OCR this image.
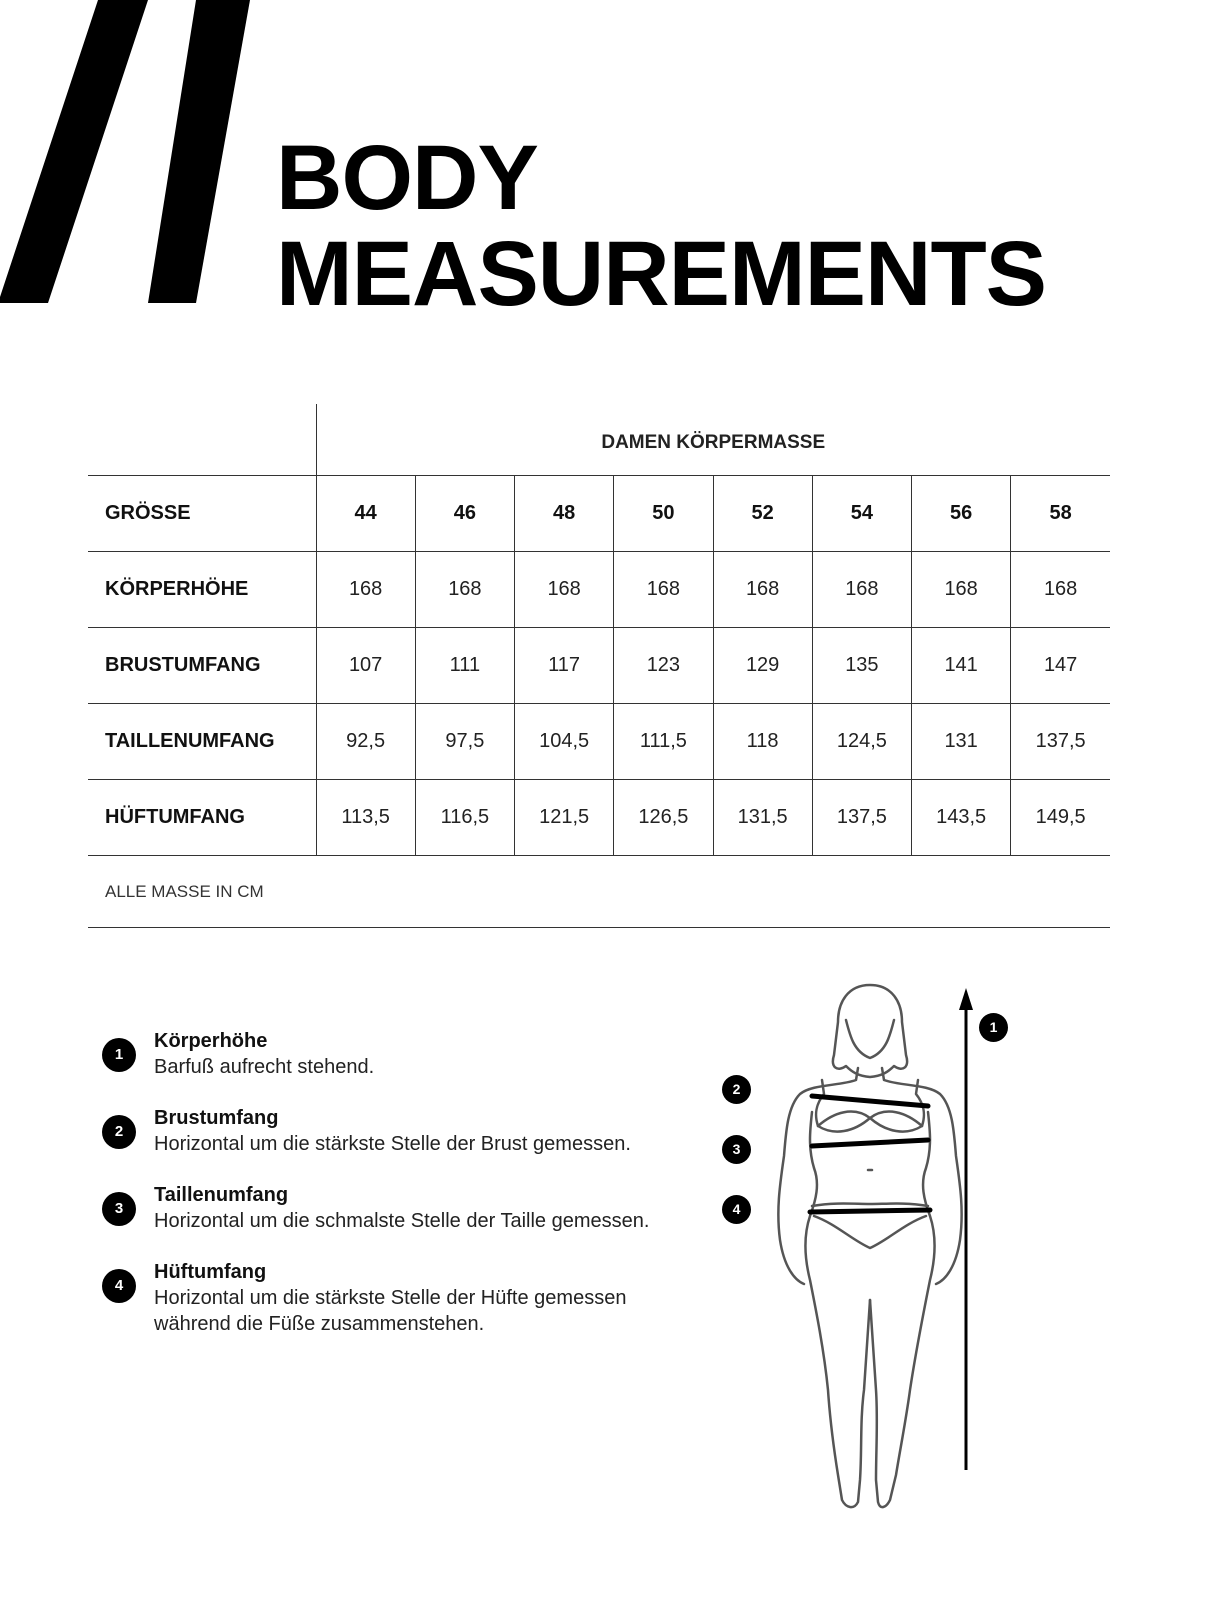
BODY
MEASUREMENTS
	DAMEN KÖRPERMASSE							
GRÖSSE	44	46	48	50	52	54	56	58
KÖRPERHÖHE	168	168	168	168	168	168	168	168
BRUSTUMFANG	107	111	117	123	129	135	141	147
TAILLENUMFANG	92,5	97,5	104,5	111,5	118	124,5	131	137,5
HÜFTUMFANG	113,5	116,5	121,5	126,5	131,5	137,5	143,5	149,5
ALLE MASSE IN CM								
1
Körperhöhe
Barfuß aufrecht stehend.
2
Brustumfang
Horizontal um die stärkste Stelle der Brust gemessen.
3
Taillenumfang
Horizontal um die schmalste Stelle der Taille gemessen.
4
Hüftumfang
Horizontal um die stärkste Stelle der Hüfte gemessen
während die Füße zusammenstehen.
1
2
3
4
